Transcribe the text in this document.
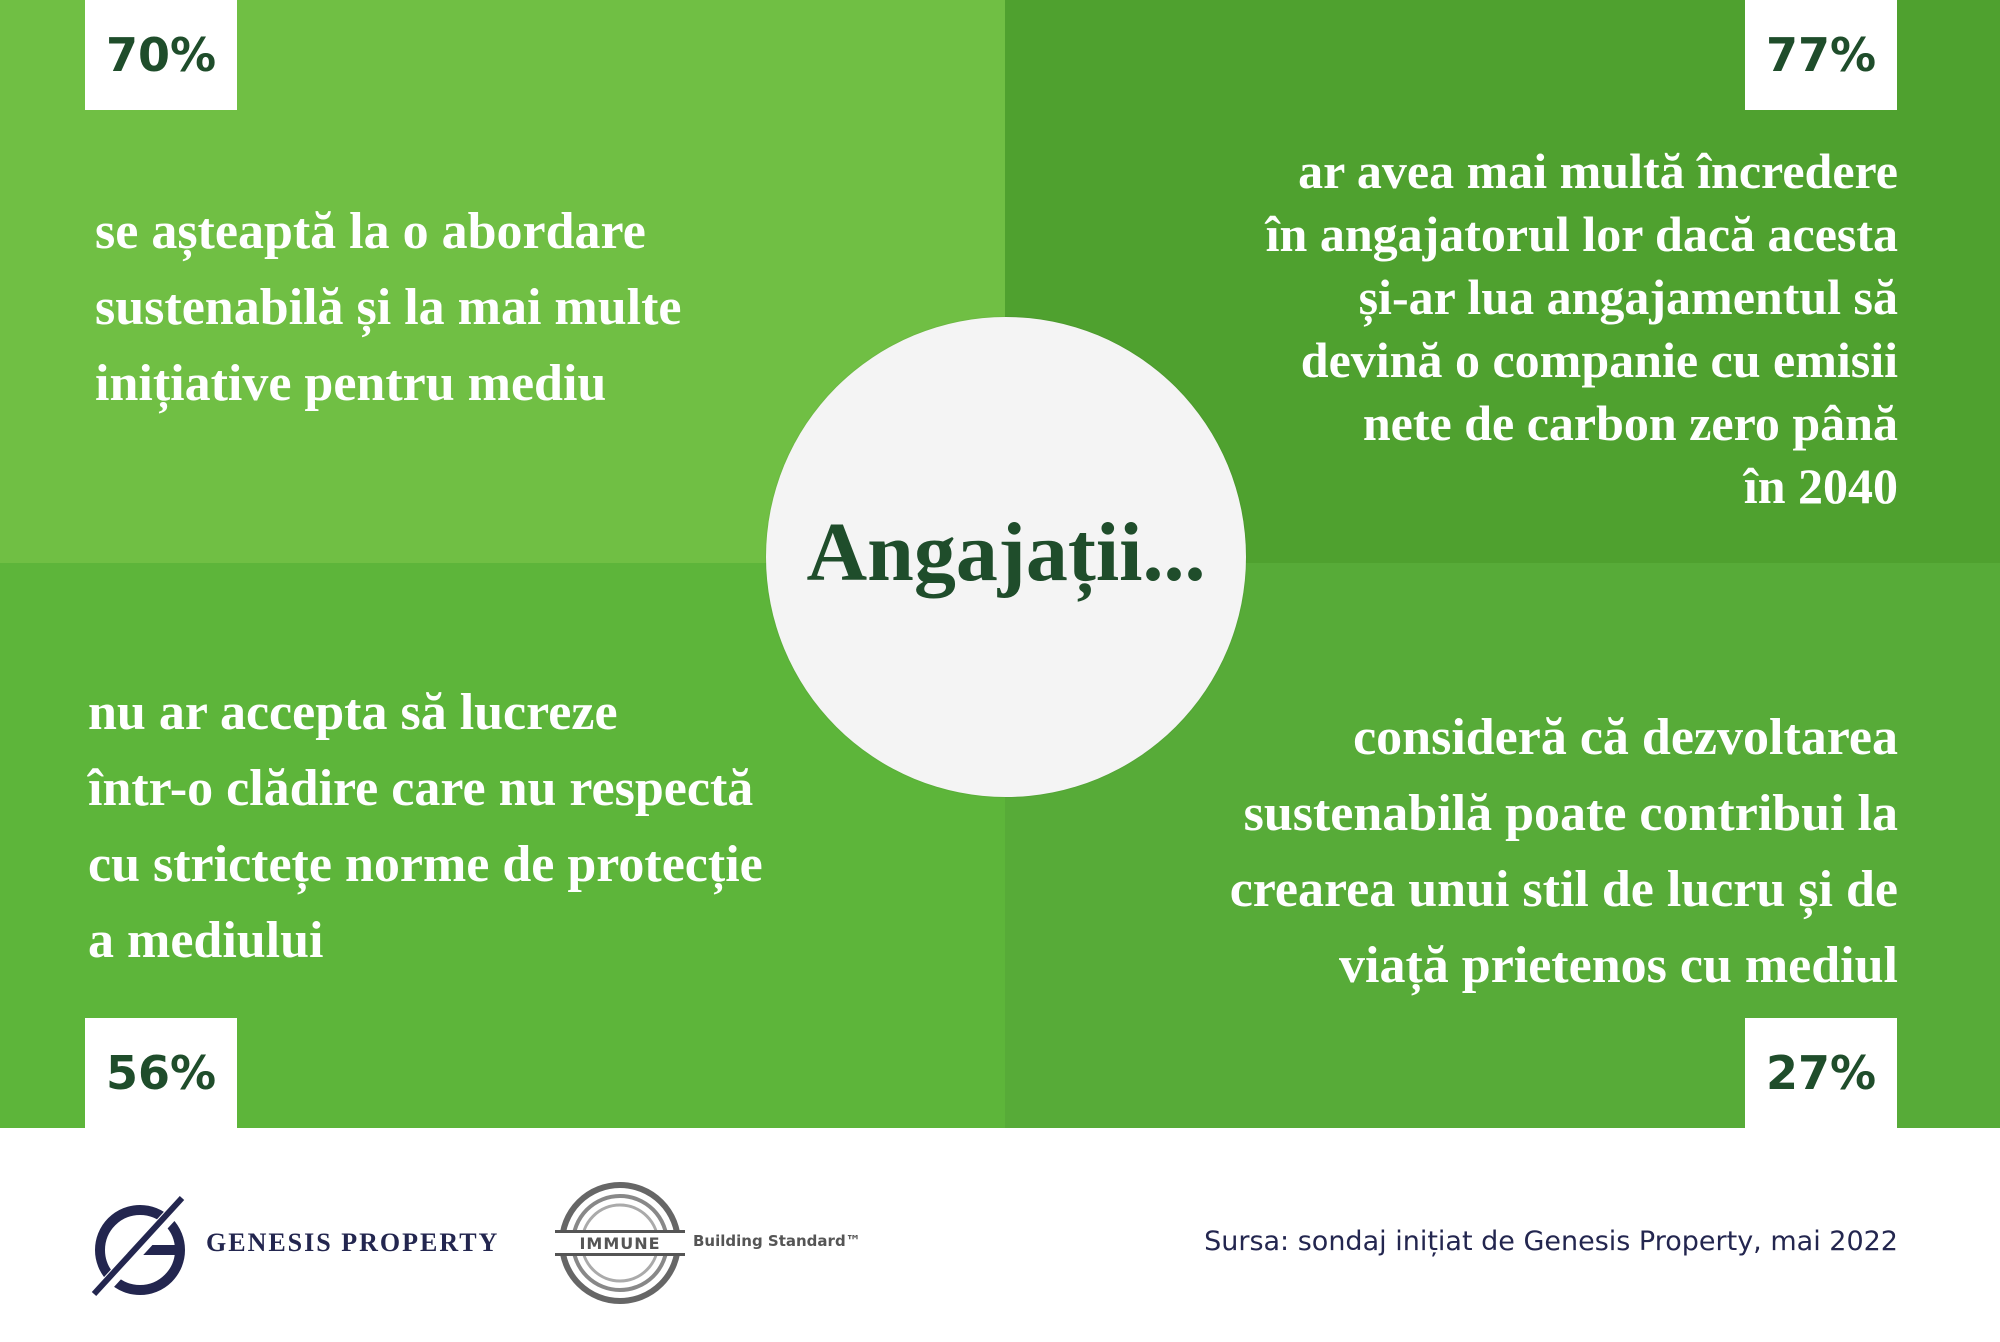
70%	77%
56%	27%

se așteaptă la o abordare
sustenabilă și la mai multe
inițiative pentru mediu

ar avea mai multă încredere
în angajatorul lor dacă acesta
și-ar lua angajamentul să
devină o companie cu emisii
nete de carbon zero până
în 2040

nu ar accepta să lucreze
într-o clădire care nu respectă
cu strictețe norme de protecție
a mediului

consideră că dezvoltarea
sustenabilă poate contribui la
crearea unui stil de lucru și de
viață prietenos cu mediul

Angajații...
GENESIS PROPERTY	IMMUNE	Building Standard™	Sursa: sondaj inițiat de Genesis Property, mai 2022
